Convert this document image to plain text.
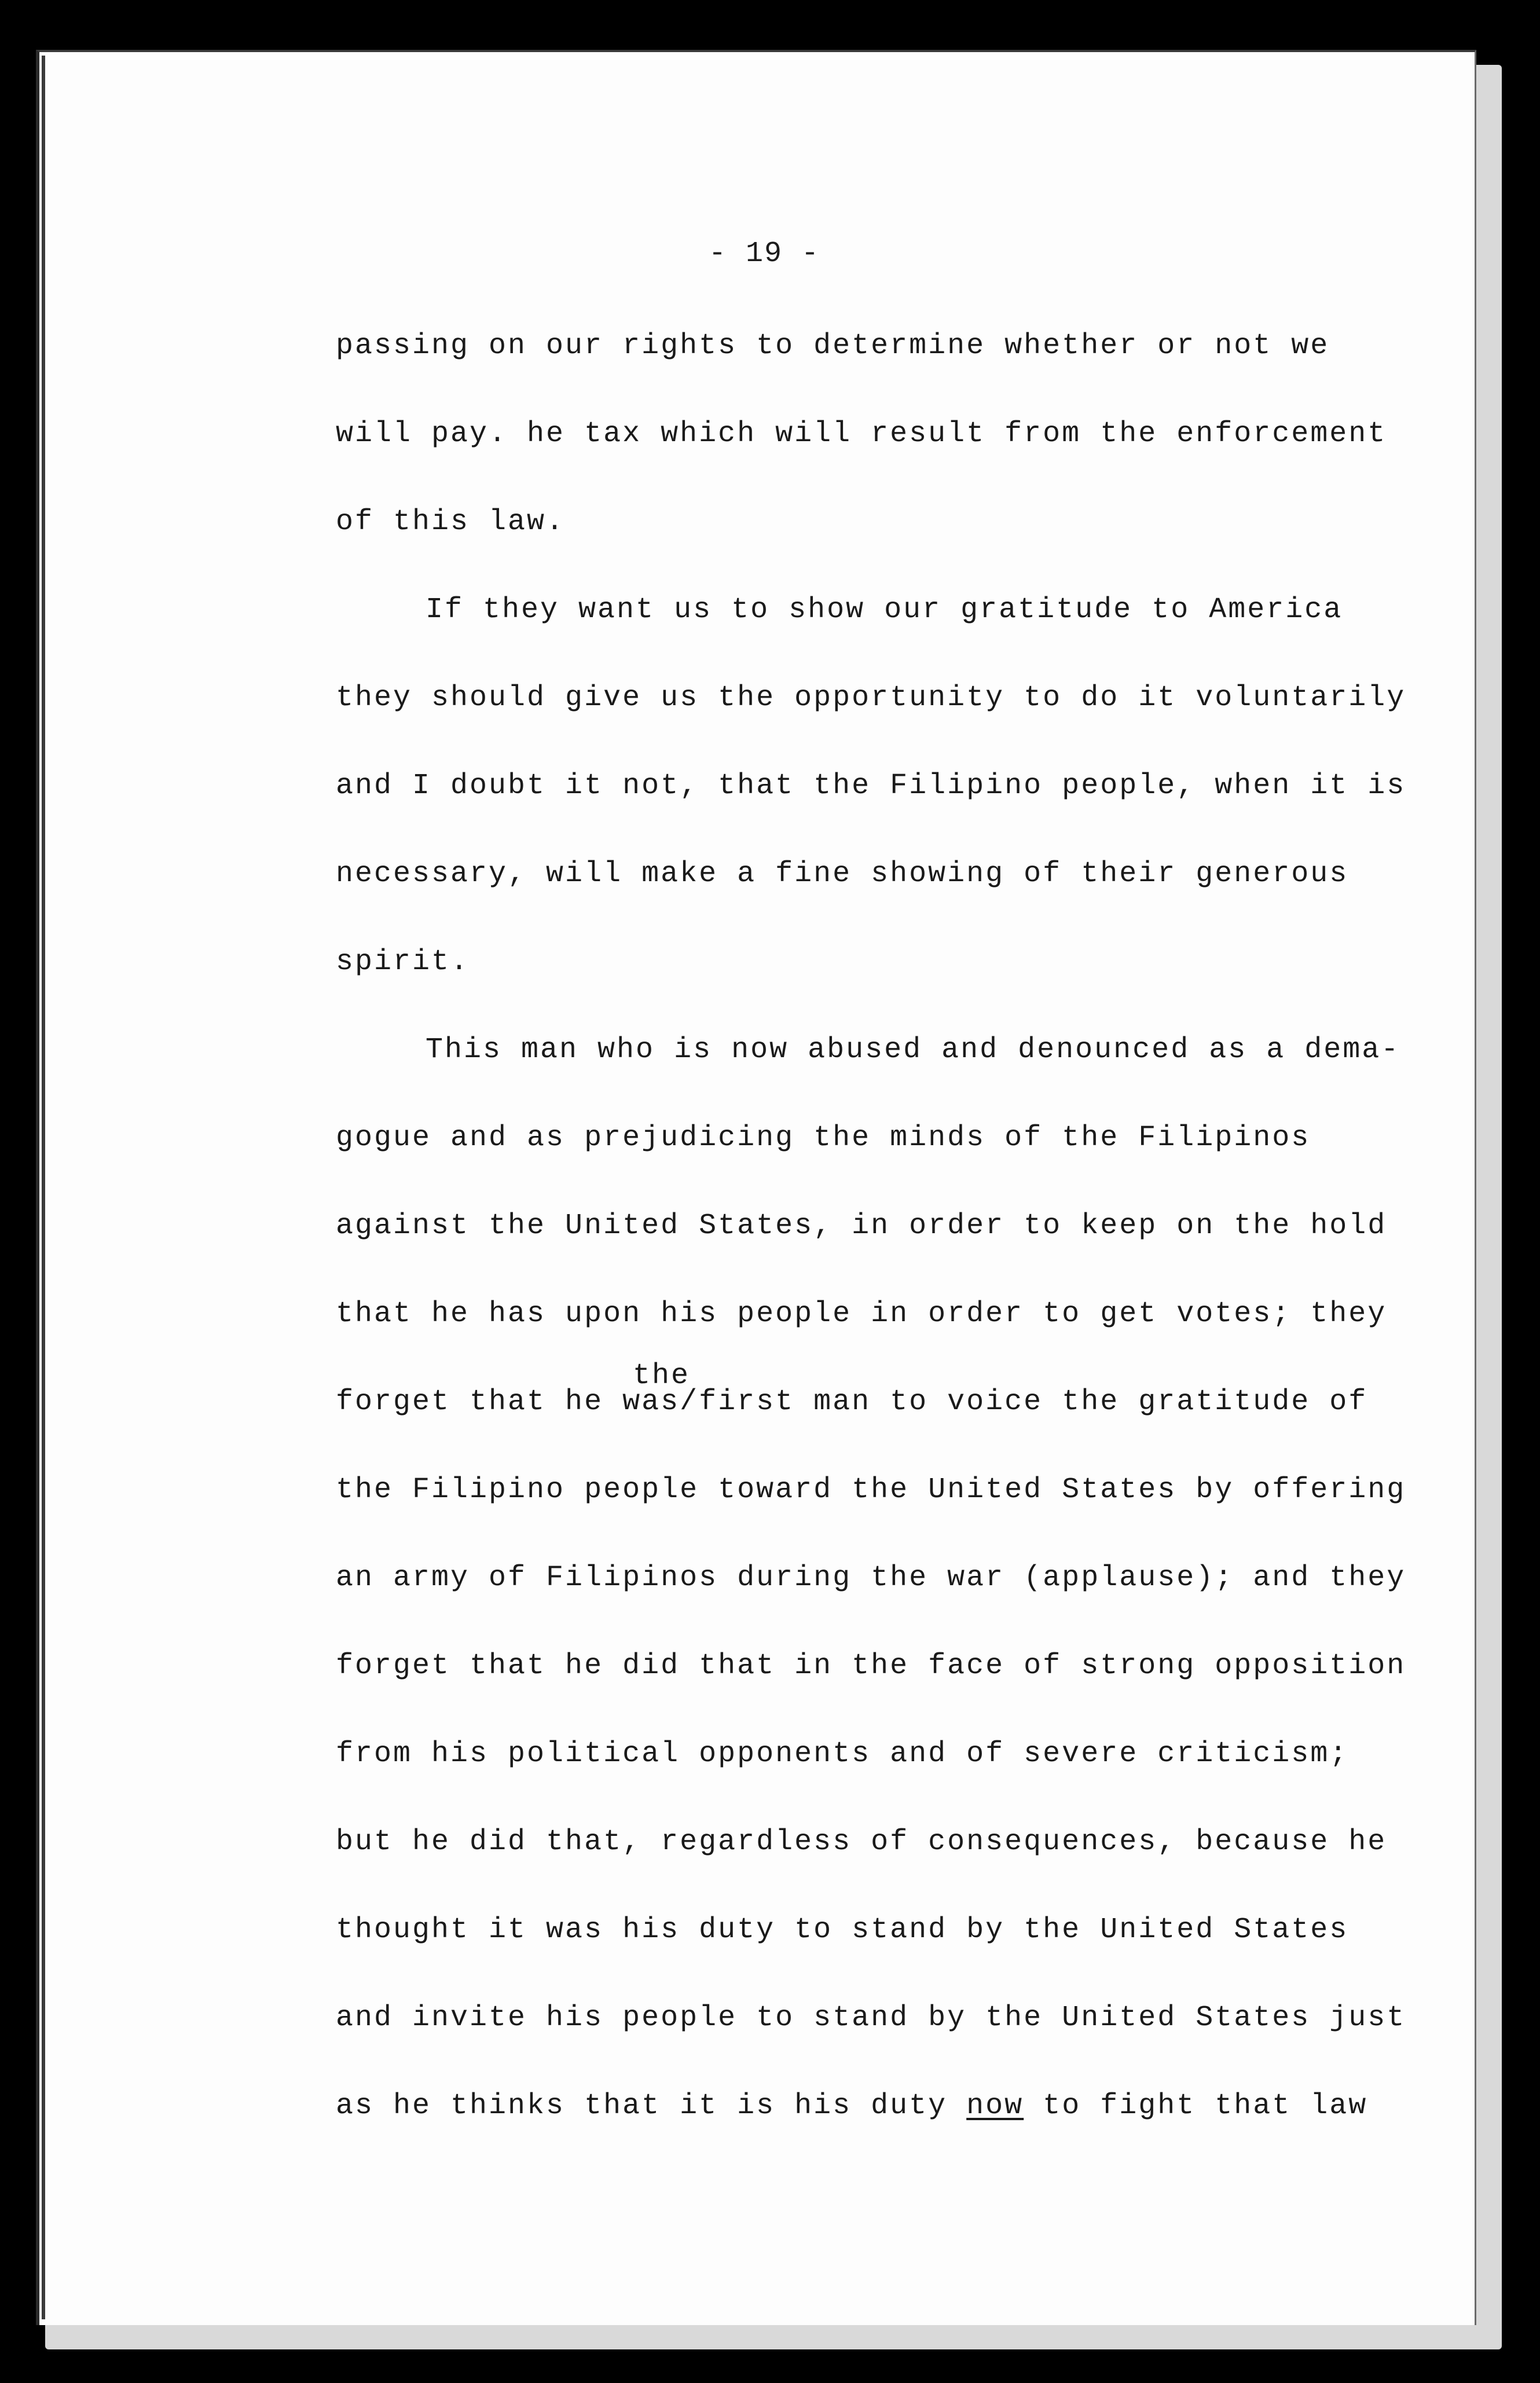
- 19 -
passing on our rights to determine whether or not we
will pay. he tax which will result from the enforcement
of this law.
If they want us to show our gratitude to America
they should give us the opportunity to do it voluntarily
and I doubt it not, that the Filipino people, when it is
necessary, will make a fine showing of their generous
spirit.
This man who is now abused and denounced as a dema-
gogue and as prejudicing the minds of the Filipinos
against the United States, in order to keep on the hold
that he has upon his people in order to get votes; they
the
forget that he was/first man to voice the gratitude of
the Filipino people toward the United States by offering
an army of Filipinos during the war (applause); and they
forget that he did that in the face of strong opposition
from his political opponents and of severe criticism;
but he did that, regardless of consequences, because he
thought it was his duty to stand by the United States
and invite his people to stand by the United States just
as he thinks that it is his duty now to fight that law
